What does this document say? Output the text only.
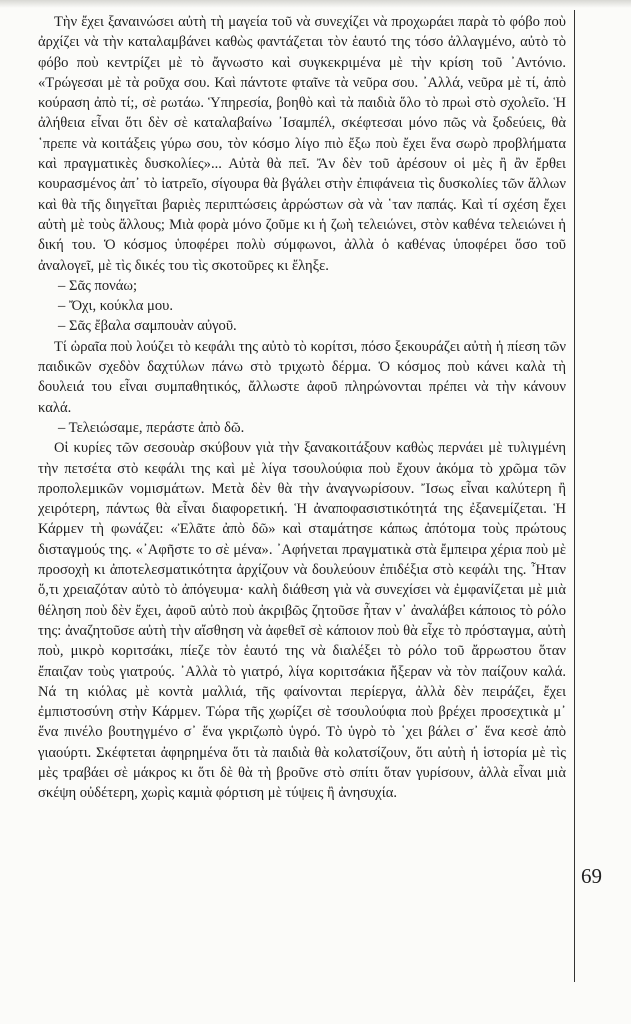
Τὴν ἔχει ξαναινώσει αὐτὴ τὴ μαγεία τοῦ νὰ συνεχίζει νὰ προχωράει παρὰ τὸ φόβο ποὺ ἀρχίζει νὰ τὴν καταλαμβάνει καθὼς φαντάζεται τὸν ἑαυτό της τόσο ἀλλαγμένο, αὐτὸ τὸ φόβο ποὺ κεντρίζει μὲ τὸ ἄγνωστο καὶ συγκεκριμένα μὲ τὴν κρίση τοῦ ᾿Αντόνιο. «Τρώγεσαι μὲ τὰ ροῦχα σου. Καὶ πάντοτε φταῖνε τὰ νεῦρα σου. ᾿Αλλά, νεῦρα μὲ τί, ἀπὸ κούραση ἀπὸ τί;, σὲ ρωτάω. Ὑπηρεσία, βοηθὸ καὶ τὰ παιδιὰ ὅλο τὸ πρωὶ στὸ σχολεῖο. Ἡ ἀλήθεια εἶναι ὅτι δὲν σὲ καταλαβαίνω ᾿Ισαμπέλ, σκέφτεσαι μόνο πῶς νὰ ξοδεύεις, θὰ ῾πρεπε νὰ κοιτάξεις γύρω σου, τὸν κόσμο λίγο πιὸ ἔξω ποὺ ἔχει ἕνα σωρὸ προβλήματα καὶ πραγματικὲς δυσκολίες»... Αὐτὰ θὰ πεῖ. Ἄν δὲν τοῦ ἀρέσουν οἱ μὲς ἢ ἂν ἔρθει κουρασμένος ἀπ᾿ τὸ ἰατρεῖο, σίγουρα θὰ βγάλει στὴν ἐπιφάνεια τὶς δυσκολίες τῶν ἄλλων καὶ θὰ τῆς διηγεῖται βαριὲς περιπτώσεις ἀρρώστων σὰ νὰ ῾ταν παπάς. Καὶ τί σχέση ἔχει αὐτὴ μὲ τοὺς ἄλλους; Μιὰ φορὰ μόνο ζοῦμε κι ἡ ζωὴ τελειώνει, στὸν καθένα τελειώνει ἡ δική του. Ὁ κόσμος ὑποφέρει πολὺ σύμφωνοι, ἀλλὰ ὁ καθένας ὑποφέρει ὅσο τοῦ ἀναλογεῖ, μὲ τὶς δικές του τὶς σκοτοῦρες κι ἔληξε.

– Σᾶς πονάω;

– Ὄχι, κούκλα μου.

– Σᾶς ἔβαλα σαμπουὰν αὐγοῦ.

Τί ὡραῖα ποὺ λούζει τὸ κεφάλι της αὐτὸ τὸ κορίτσι, πόσο ξεκουράζει αὐτὴ ἡ πίεση τῶν παιδικῶν σχεδὸν δαχτύλων πάνω στὸ τριχωτὸ δέρμα. Ὁ κόσμος ποὺ κάνει καλὰ τὴ δουλειά του εἶναι συμπαθητικός, ἄλλωστε ἀφοῦ πληρώνονται πρέπει νὰ τὴν κάνουν καλά.

– Τελειώσαμε, περάστε ἀπὸ δῶ.

Οἱ κυρίες τῶν σεσουὰρ σκύβουν γιὰ τὴν ξανακοιτάξουν καθὼς περνάει μὲ τυλιγμένη τὴν πετσέτα στὸ κεφάλι της καὶ μὲ λίγα τσουλούφια ποὺ ἔχουν ἀκόμα τὸ χρῶμα τῶν προπολεμικῶν νομισμάτων. Μετὰ δὲν θὰ τὴν ἀναγνωρίσουν. Ἴσως εἶναι καλύτερη ἢ χειρότερη, πάντως θὰ εἶναι διαφορετική. Ἡ ἀναποφασιστικότητά της ἐξανεμίζεται. Ἡ Κάρμεν τὴ φωνάζει: «Ἐλᾶτε ἀπὸ δῶ» καὶ σταμάτησε κάπως ἀπότομα τοὺς πρώτους δισταγμούς της. «᾿Αφῆστε το σὲ μένα». ᾿Αφήνεται πραγματικὰ στὰ ἔμπειρα χέρια ποὺ μὲ προσοχὴ κι ἀποτελεσματικότητα ἀρχίζουν νὰ δουλεύουν ἐπιδέξια στὸ κεφάλι της. Ἦταν ὅ,τι χρειαζόταν αὐτὸ τὸ ἀπόγευμα· καλὴ διάθεση γιὰ νὰ συνεχίσει νὰ ἐμφανίζεται μὲ μιὰ θέληση ποὺ δὲν ἔχει, ἀφοῦ αὐτὸ ποὺ ἀκριβῶς ζητοῦσε ἦταν ν᾿ ἀναλάβει κάποιος τὸ ρόλο της: ἀναζητοῦσε αὐτὴ τὴν αἴσθηση νὰ ἀφεθεῖ σὲ κάποιον ποὺ θὰ εἶχε τὸ πρόσταγμα, αὐτὴ ποὺ, μικρὸ κοριτσάκι, πίεζε τὸν ἑαυτό της νὰ διαλέξει τὸ ρόλο τοῦ ἄρρωστου ὅταν ἔπαιζαν τοὺς γιατρούς. ᾿Αλλὰ τὸ γιατρό, λίγα κοριτσάκια ἤξεραν νὰ τὸν παίζουν καλά. Νά τη κιόλας μὲ κοντὰ μαλλιά, τῆς φαίνονται περίεργα, ἀλλὰ δὲν πειράζει, ἔχει ἐμπιστοσύνη στὴν Κάρμεν. Τώρα τῆς χωρίζει σὲ τσουλούφια ποὺ βρέχει προσεχτικὰ μ᾿ ἕνα πινέλο βουτηγμένο σ᾿ ἕνα γκριζωπὸ ὑγρό. Τὸ ὑγρὸ τὸ ῾χει βάλει σ᾿ ἕνα κεσὲ ἀπὸ γιαούρτι. Σκέφτεται ἀφηρημένα ὅτι τὰ παιδιὰ θὰ κολατσίζουν, ὅτι αὐτὴ ἡ ἱστορία μὲ τὶς μὲς τραβάει σὲ μάκρος κι ὅτι δὲ θὰ τὴ βροῦνε στὸ σπίτι ὅταν γυρίσουν, ἀλλὰ εἶναι μιὰ σκέψη οὐδέτερη, χωρὶς καμιὰ φόρτιση μὲ τύψεις ἢ ἀνησυχία.

69
